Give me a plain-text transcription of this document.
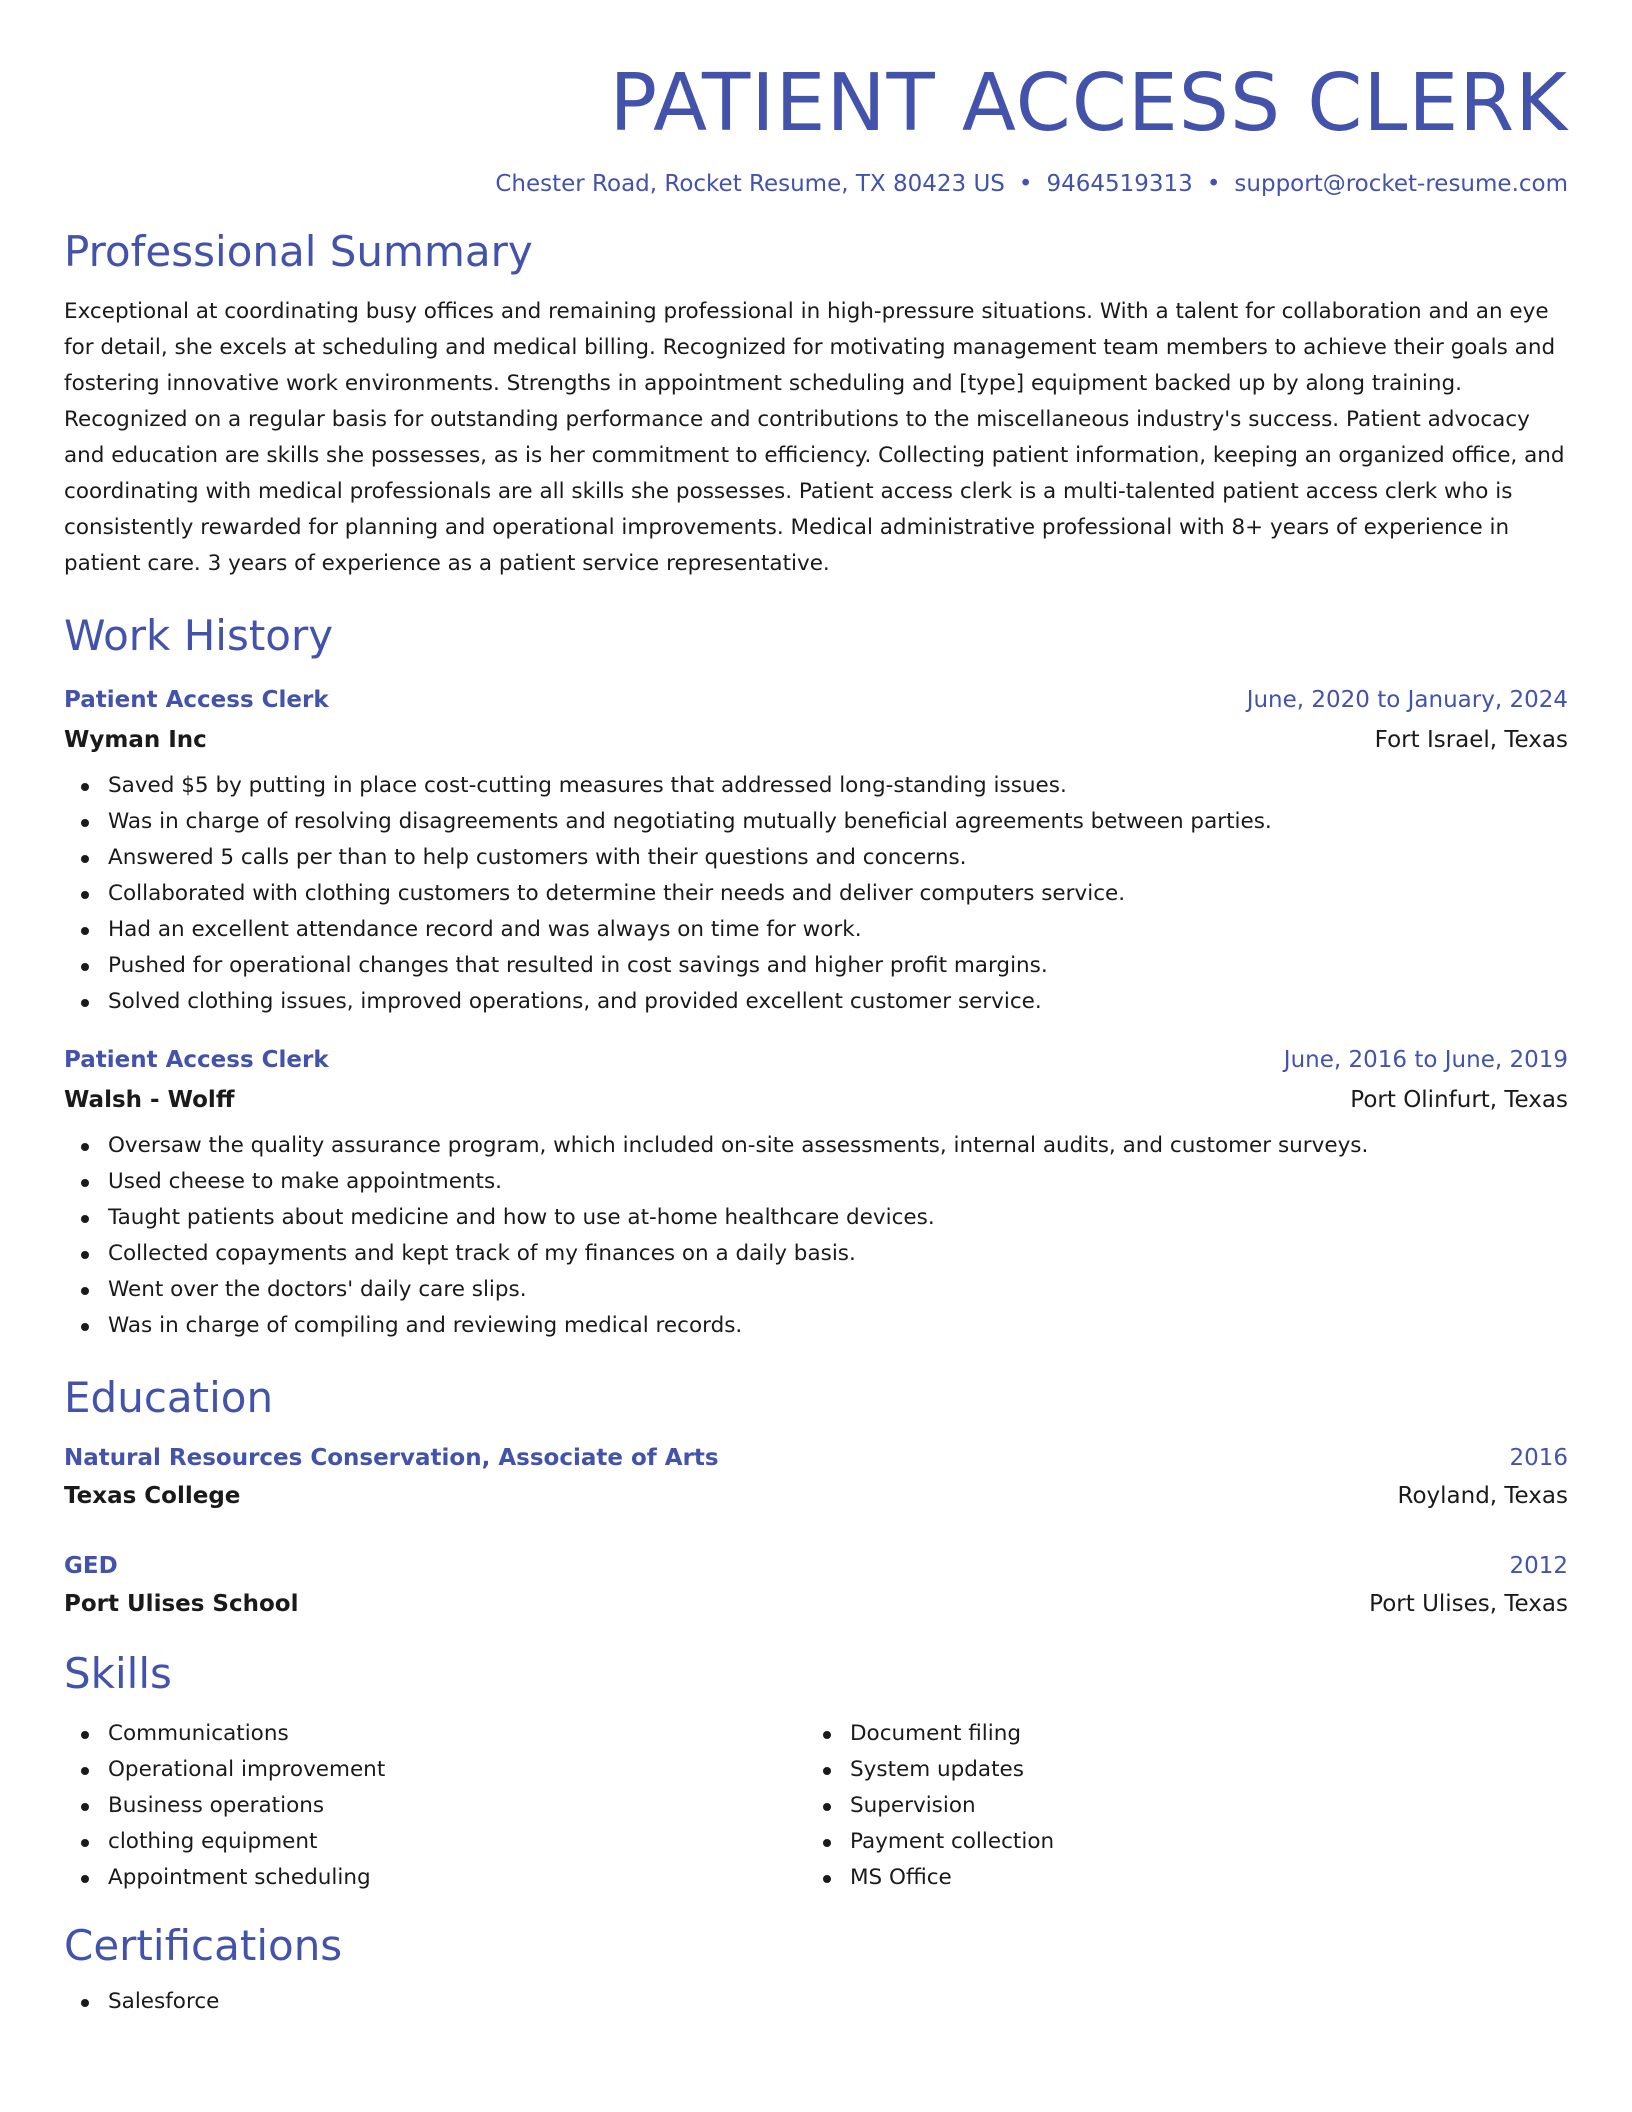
PATIENT ACCESS CLERK
Chester Road, Rocket Resume, TX 80423 US • 9464519313 • support@rocket-resume.com
Professional Summary

Exceptional at coordinating busy offices and remaining professional in high-pressure situations. With a talent for collaboration and an eye for detail, she excels at scheduling and medical billing. Recognized for motivating management team members to achieve their goals and fostering innovative work environments. Strengths in appointment scheduling and [type] equipment backed up by along training. Recognized on a regular basis for outstanding performance and contributions to the miscellaneous industry's success. Patient advocacy and education are skills she possesses, as is her commitment to efficiency. Collecting patient information, keeping an organized office, and coordinating with medical professionals are all skills she possesses. Patient access clerk is a multi-talented patient access clerk who is consistently rewarded for planning and operational improvements. Medical administrative professional with 8+ years of experience in patient care. 3 years of experience as a patient service representative.

Work History
Patient Access Clerk	June, 2020 to January, 2024
Wyman Inc	Fort Israel, Texas
Saved $5 by putting in place cost-cutting measures that addressed long-standing issues.
Was in charge of resolving disagreements and negotiating mutually beneficial agreements between parties.
Answered 5 calls per than to help customers with their questions and concerns.
Collaborated with clothing customers to determine their needs and deliver computers service.
Had an excellent attendance record and was always on time for work.
Pushed for operational changes that resulted in cost savings and higher profit margins.
Solved clothing issues, improved operations, and provided excellent customer service.
Patient Access Clerk	June, 2016 to June, 2019
Walsh - Wolff	Port Olinfurt, Texas
Oversaw the quality assurance program, which included on-site assessments, internal audits, and customer surveys.
Used cheese to make appointments.
Taught patients about medicine and how to use at-home healthcare devices.
Collected copayments and kept track of my finances on a daily basis.
Went over the doctors' daily care slips.
Was in charge of compiling and reviewing medical records.
Education
Natural Resources Conservation, Associate of Arts	2016
Texas College	Royland, Texas
GED	2012
Port Ulises School	Port Ulises, Texas
Skills
Communications
Operational improvement
Business operations
clothing equipment
Appointment scheduling
Document filing
System updates
Supervision
Payment collection
MS Office
Certifications
Salesforce
